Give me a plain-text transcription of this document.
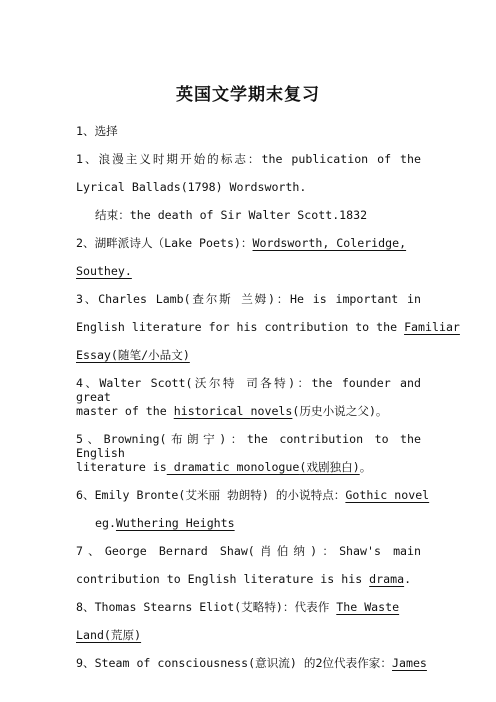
英国文学期末复习
1、选择
1、浪漫主义时期开始的标志：the publication of the
Lyrical Ballads(1798) Wordsworth.
结束：the death of Sir Walter Scott.1832
2、湖畔派诗人（Lake Poets)：Wordsworth, Coleridge,
Southey.
3、Charles Lamb(查尔斯 兰姆)：He is important in
English literature for his contribution to the Familiar
Essay(随笔/小品文)
4、Walter Scott(沃尔特 司各特)：the founder and great
master of the historical novels(历史小说之父)。
5、Browning(布朗宁)：the contribution to the English
literature is dramatic monologue(戏剧独白)。
6、Emily Bronte(艾米丽 勃朗特) 的小说特点：Gothic novel
eg.Wuthering Heights
7、George Bernard Shaw(肖伯纳)：Shaw's main
contribution to English literature is his drama.
8、Thomas Stearns Eliot(艾略特)：代表作 The Waste
Land(荒原)
9、Steam of consciousness(意识流) 的2位代表作家：James
